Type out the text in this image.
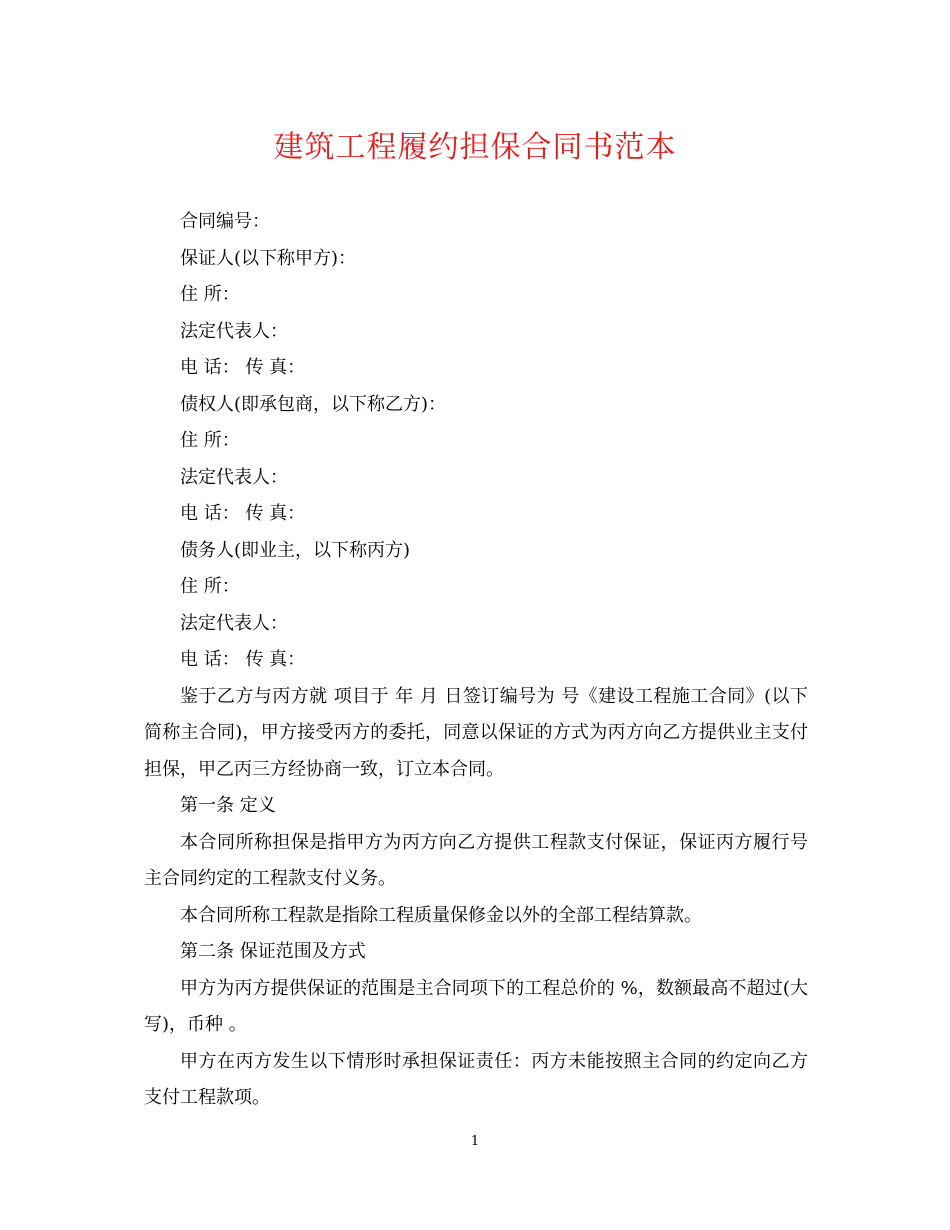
建筑工程履约担保合同书范本

合同编号：

保证人(以下称甲方)：

住 所：

法定代表人：

电 话： 传 真：

债权人(即承包商，以下称乙方)：

住 所：

法定代表人：

电 话： 传 真：

债务人(即业主，以下称丙方)

住 所：

法定代表人：

电 话： 传 真：

鉴于乙方与丙方就 项目于 年 月 日签订编号为 号《建设工程施工合同》(以下简称主合同)，甲方接受丙方的委托，同意以保证的方式为丙方向乙方提供业主支付担保，甲乙丙三方经协商一致，订立本合同。

第一条 定义

本合同所称担保是指甲方为丙方向乙方提供工程款支付保证，保证丙方履行号主合同约定的工程款支付义务。

本合同所称工程款是指除工程质量保修金以外的全部工程结算款。

第二条 保证范围及方式

甲方为丙方提供保证的范围是主合同项下的工程总价的 %，数额最高不超过(大写)，币种 。

甲方在丙方发生以下情形时承担保证责任：丙方未能按照主合同的约定向乙方支付工程款项。

1
